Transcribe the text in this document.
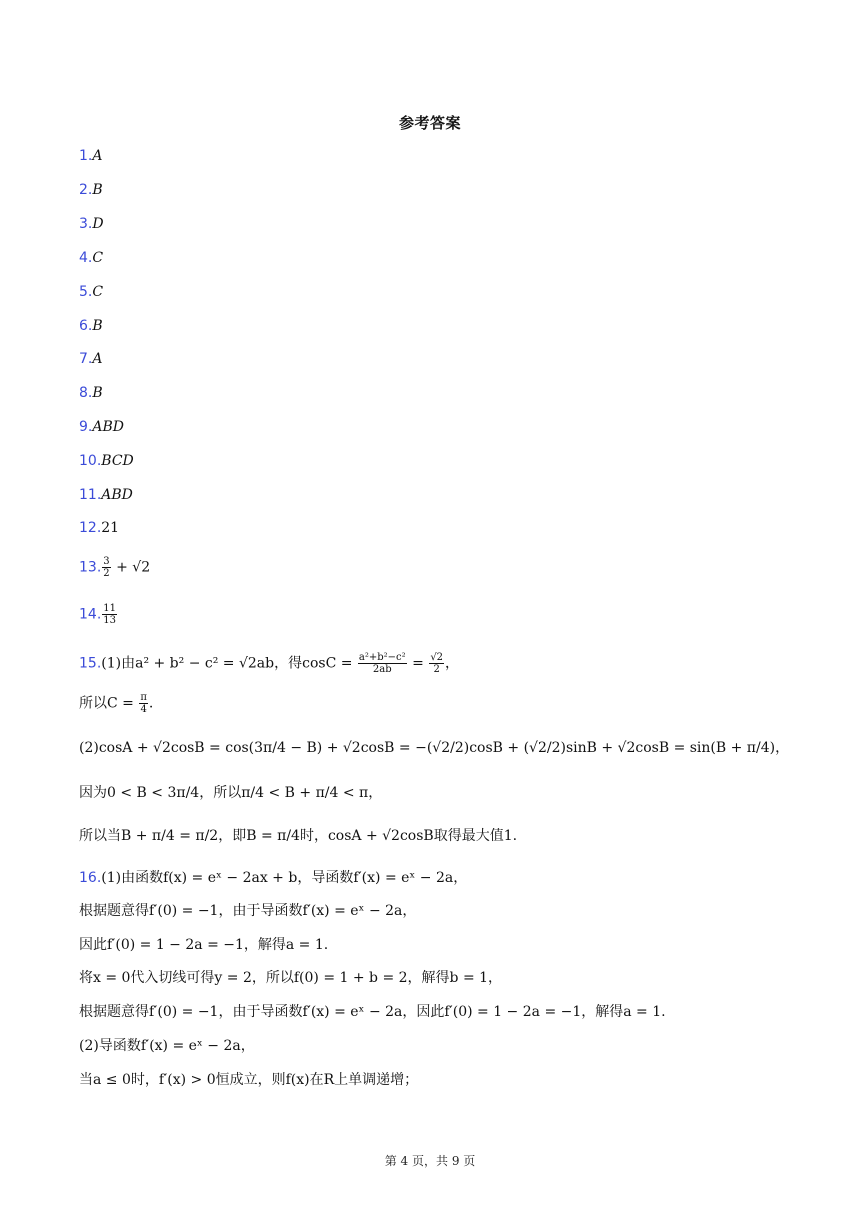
参考答案
1.A
2.B
3.D
4.C
5.C
6.B
7.A
8.B
9.ABD
10.BCD
11.ABD
12.21
13. $\frac{3}{2} + √2$
14. $\frac{11}{13}$
15.(1)由a² + b² − c² = √2ab，得$\cos C = \frac{\text{a²+b²−c²}}{2ab} = \frac{√2}{2}$ ，
所以$C = \frac{\pi}{4}$ .
(2)cosA + √2cosB = cos(3π/4 − B) + √2cosB = −(√2/2)cosB + (√2/2)sinB + √2cosB = sin(B + π/4)，
因为0 < B < 3π/4，所以π/4 < B + π/4 < π，
所以当B + π/4 = π/2，即B = π/4时，cosA + √2cosB取得最大值1.
16.(1)由函数f(x) = eˣ − 2ax + b，导函数f′(x) = eˣ − 2a，
根据题意得f′(0) = −1，由于导函数f′(x) = eˣ − 2a，
因此f′(0) = 1 − 2a = −1，解得a = 1.
将x = 0代入切线可得y = 2，所以f(0) = 1 + b = 2，解得b = 1，
根据题意得f′(0) = −1，由于导函数f′(x) = eˣ − 2a，因此f′(0) = 1 − 2a = −1，解得a = 1.
(2)导函数f′(x) = eˣ − 2a，
当a ≤ 0时，f′(x) > 0恒成立，则f(x)在R上单调递增；
第 4 页，共 9 页
